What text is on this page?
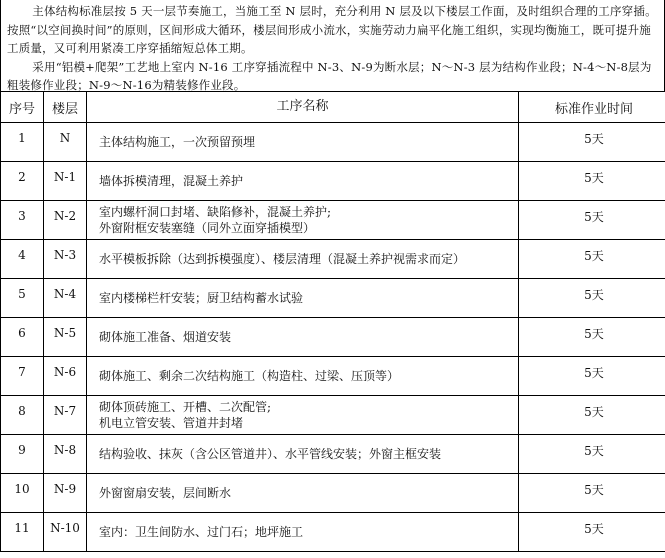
主体结构标准层按 5 天一层节奏施工，当施工至 N 层时，充分利用 N 层及以下楼层工作面，及时组织合理的工序穿插。按照“以空间换时间”的原则，区间形成大循环，楼层间形成小流水，实施劳动力扁平化施工组织，实现均衡施工，既可提升施工质量，又可利用紧凑工序穿插缩短总体工期。

采用“铝模+爬架”工艺地上室内 N-16 工序穿插流程中 N-3、N-9为断水层；N～N-3 层为结构作业段；N-4～N-8层为粗装修作业段；N-9～N-16为精装修作业段。

序号	楼层	工序名称	标准作业时间
1	N	主体结构施工，一次预留预埋	5天
2	N-1	墙体拆模清理，混凝土养护	5天
3	N-2	室内螺杆洞口封堵、缺陷修补，混凝土养护;
外窗附框安装塞缝（同外立面穿插模型）	5天
4	N-3	水平模板拆除（达到拆模强度）、楼层清理（混凝土养护视需求而定）	5天
5	N-4	室内楼梯栏杆安装；厨卫结构蓄水试验	5天
6	N-5	砌体施工准备、烟道安装	5天
7	N-6	砌体施工、剩余二次结构施工（构造柱、过梁、压顶等）	5天
8	N-7	砌体顶砖施工、开槽、二次配管;
机电立管安装、管道井封堵	5天
9	N-8	结构验收、抹灰（含公区管道井）、水平管线安装；外窗主框安装	5天
10	N-9	外窗窗扇安装，层间断水	5天
11	N-10	室内：卫生间防水、过门石；地坪施工	5天
